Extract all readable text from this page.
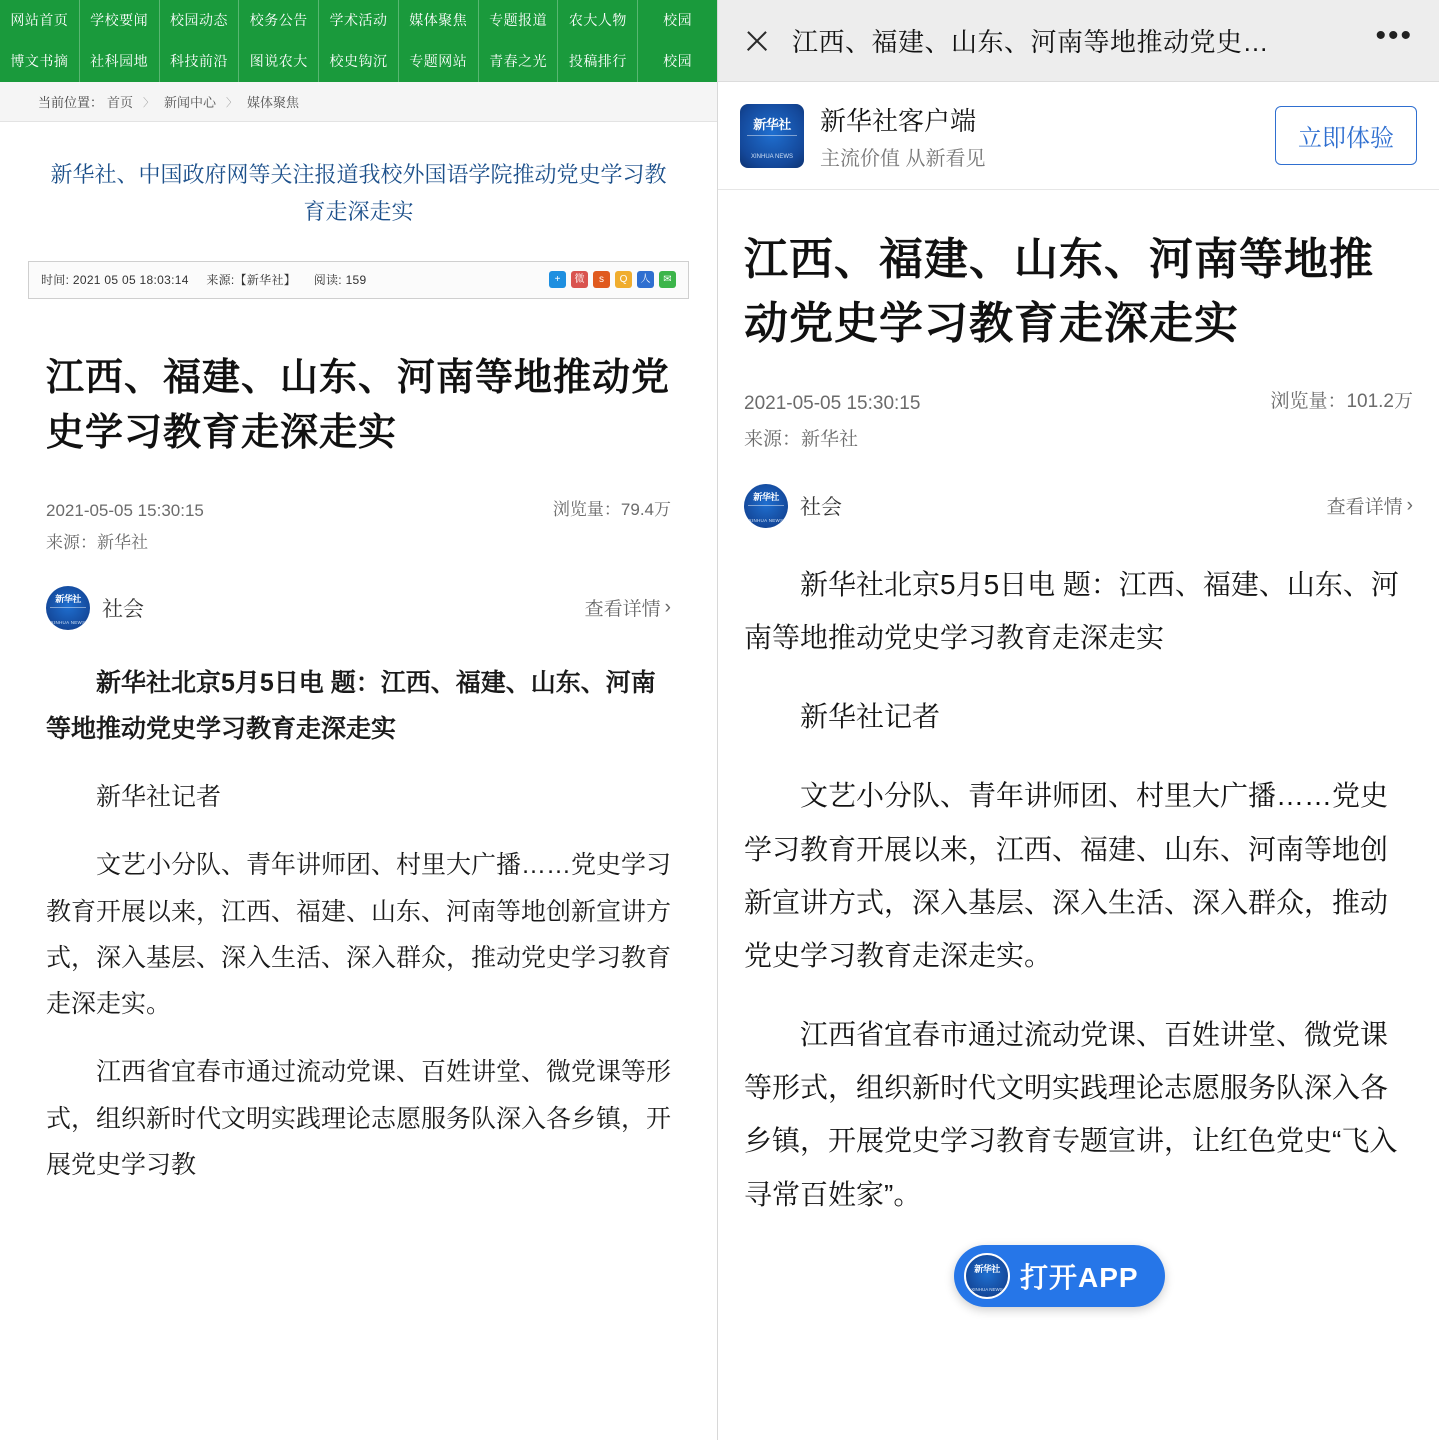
网站首页	学校要闻	校园动态	校务公告	学术活动	媒体聚焦	专题报道	农大人物	校园
博文书摘	社科园地	科技前沿	图说农大	校史钩沉	专题网站	青春之光	投稿排行	校园
当前位置： 首页 〉 新闻中心 〉 媒体聚焦
新华社、中国政府网等关注报道我校外国语学院推动党史学习教育走深走实
时间: 2021 05 05 18:03:14 来源:【新华社】 阅读: 159	+	微	s	Q	人	✉
江西、福建、山东、河南等地推动党史学习教育走深走实
2021-05-05 15:30:15
来源：新华社
浏览量：79.4万
新华社
XINHUA NEWS
社会	查看详情 ›

新华社北京5月5日电 题：江西、福建、山东、河南等地推动党史学习教育走深走实

新华社记者

文艺小分队、青年讲师团、村里大广播……党史学习教育开展以来，江西、福建、山东、河南等地创新宣讲方式，深入基层、深入生活、深入群众，推动党史学习教育走深走实。

江西省宜春市通过流动党课、百姓讲堂、微党课等形式，组织新时代文明实践理论志愿服务队深入各乡镇，开展党史学习教

江西、福建、山东、河南等地推动党史…	•••
新华社
XINHUA NEWS
新华社客户端
主流价值 从新看见
立即体验
江西、福建、山东、河南等地推动党史学习教育走深走实
2021-05-05 15:30:15
来源：新华社
浏览量：101.2万
新华社
XINHUA NEWS
社会	查看详情 ›

新华社北京5月5日电 题：江西、福建、山东、河南等地推动党史学习教育走深走实

新华社记者

文艺小分队、青年讲师团、村里大广播……党史学习教育开展以来，江西、福建、山东、河南等地创新宣讲方式，深入基层、深入生活、深入群众，推动党史学习教育走深走实。

江西省宜春市通过流动党课、百姓讲堂、微党课等形式，组织新时代文明实践理论志愿服务队深入各乡镇，开展党史学习教育专题宣讲，让红色党史“飞入寻常百姓家”。

新华社
XINHUA NEWS 打开APP
